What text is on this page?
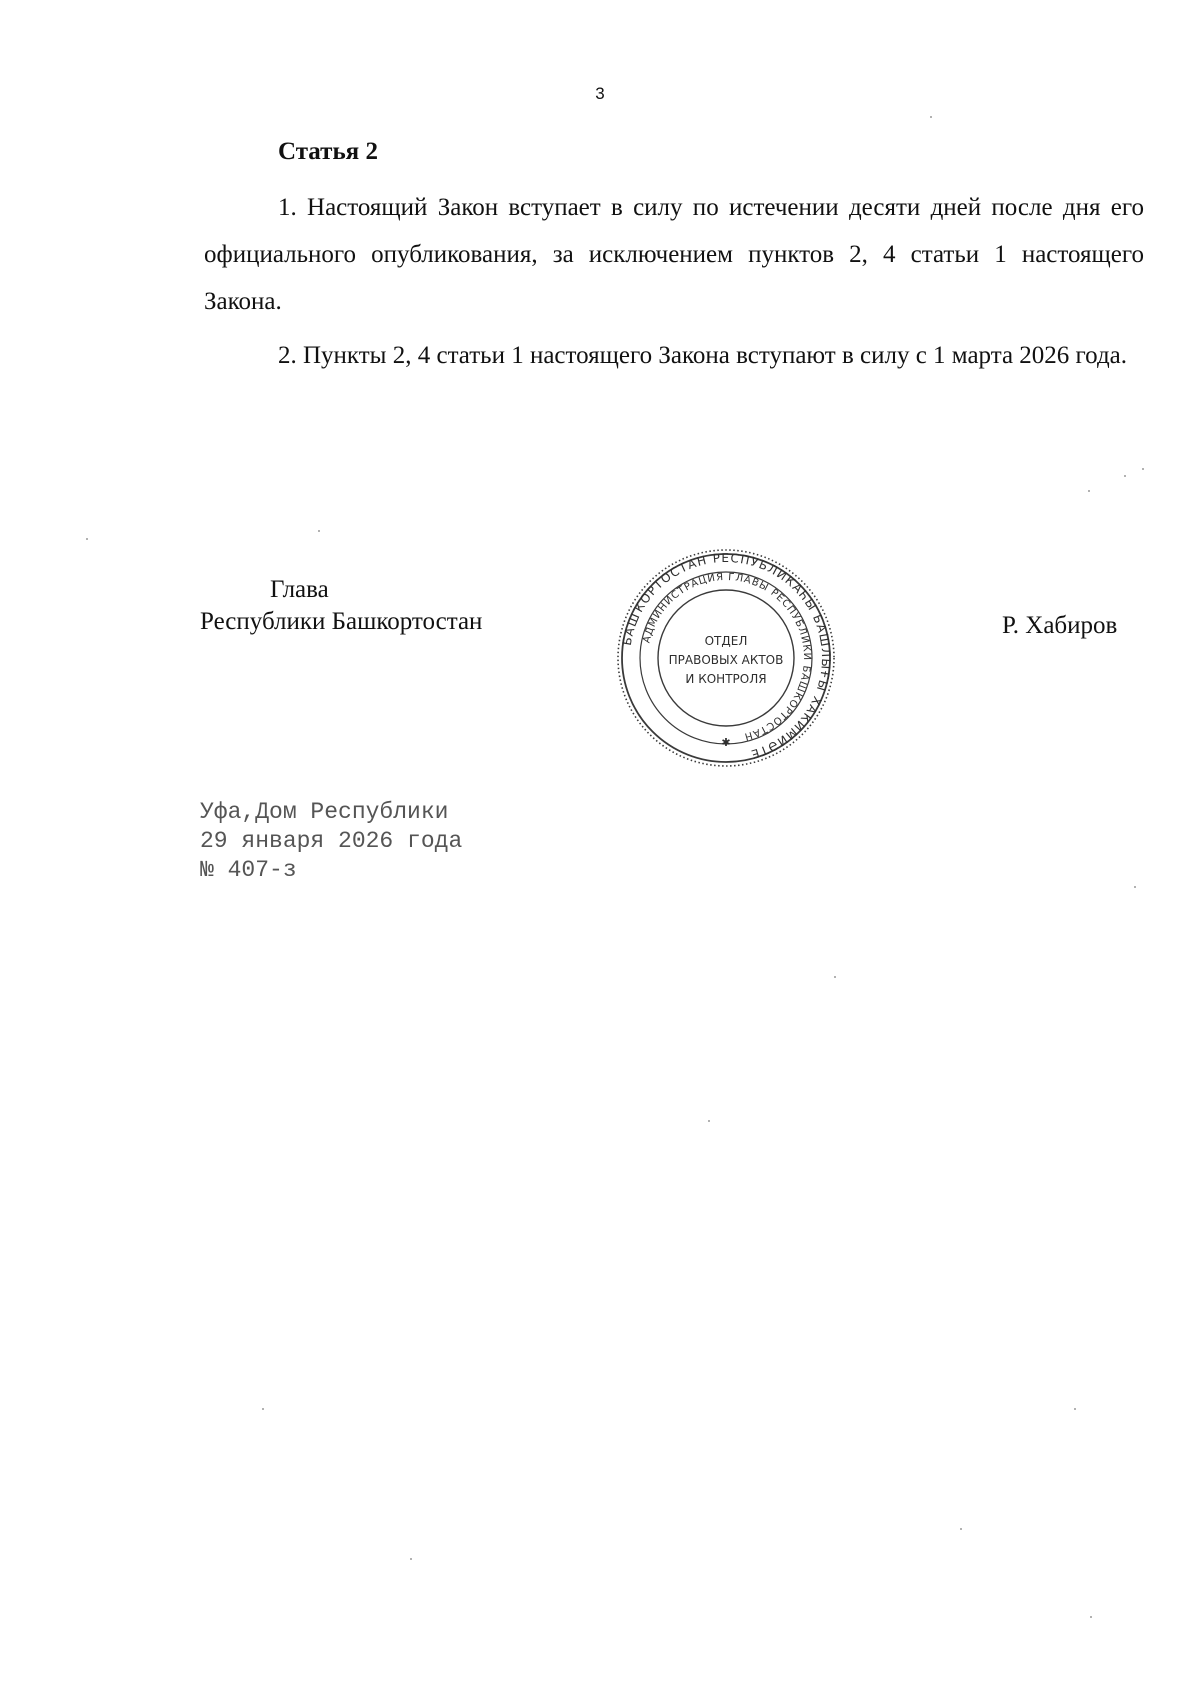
3
Статья 2

1. Настоящий Закон вступает в силу по истечении десяти дней после дня его официального опубликования, за исключением пунктов 2, 4 статьи 1 настоящего Закона.

2. Пункты 2, 4 статьи 1 настоящего Закона вступают в силу с 1 марта 2026 года.

Глава
Республики Башкортостан
БАШҠОРТОСТАН РЕСПУБЛИКАҺЫ БАШЛЫҒЫ ХАКИМИӘТЕ
АДМИНИСТРАЦИЯ ГЛАВЫ РЕСПУБЛИКИ БАШКОРТОСТАН
ОТДЕЛ
ПРАВОВЫХ АКТОВ
И КОНТРОЛЯ
✱
Р. Хабиров
Уфа,Дом Республики
29 января 2026 года
№ 407-з
